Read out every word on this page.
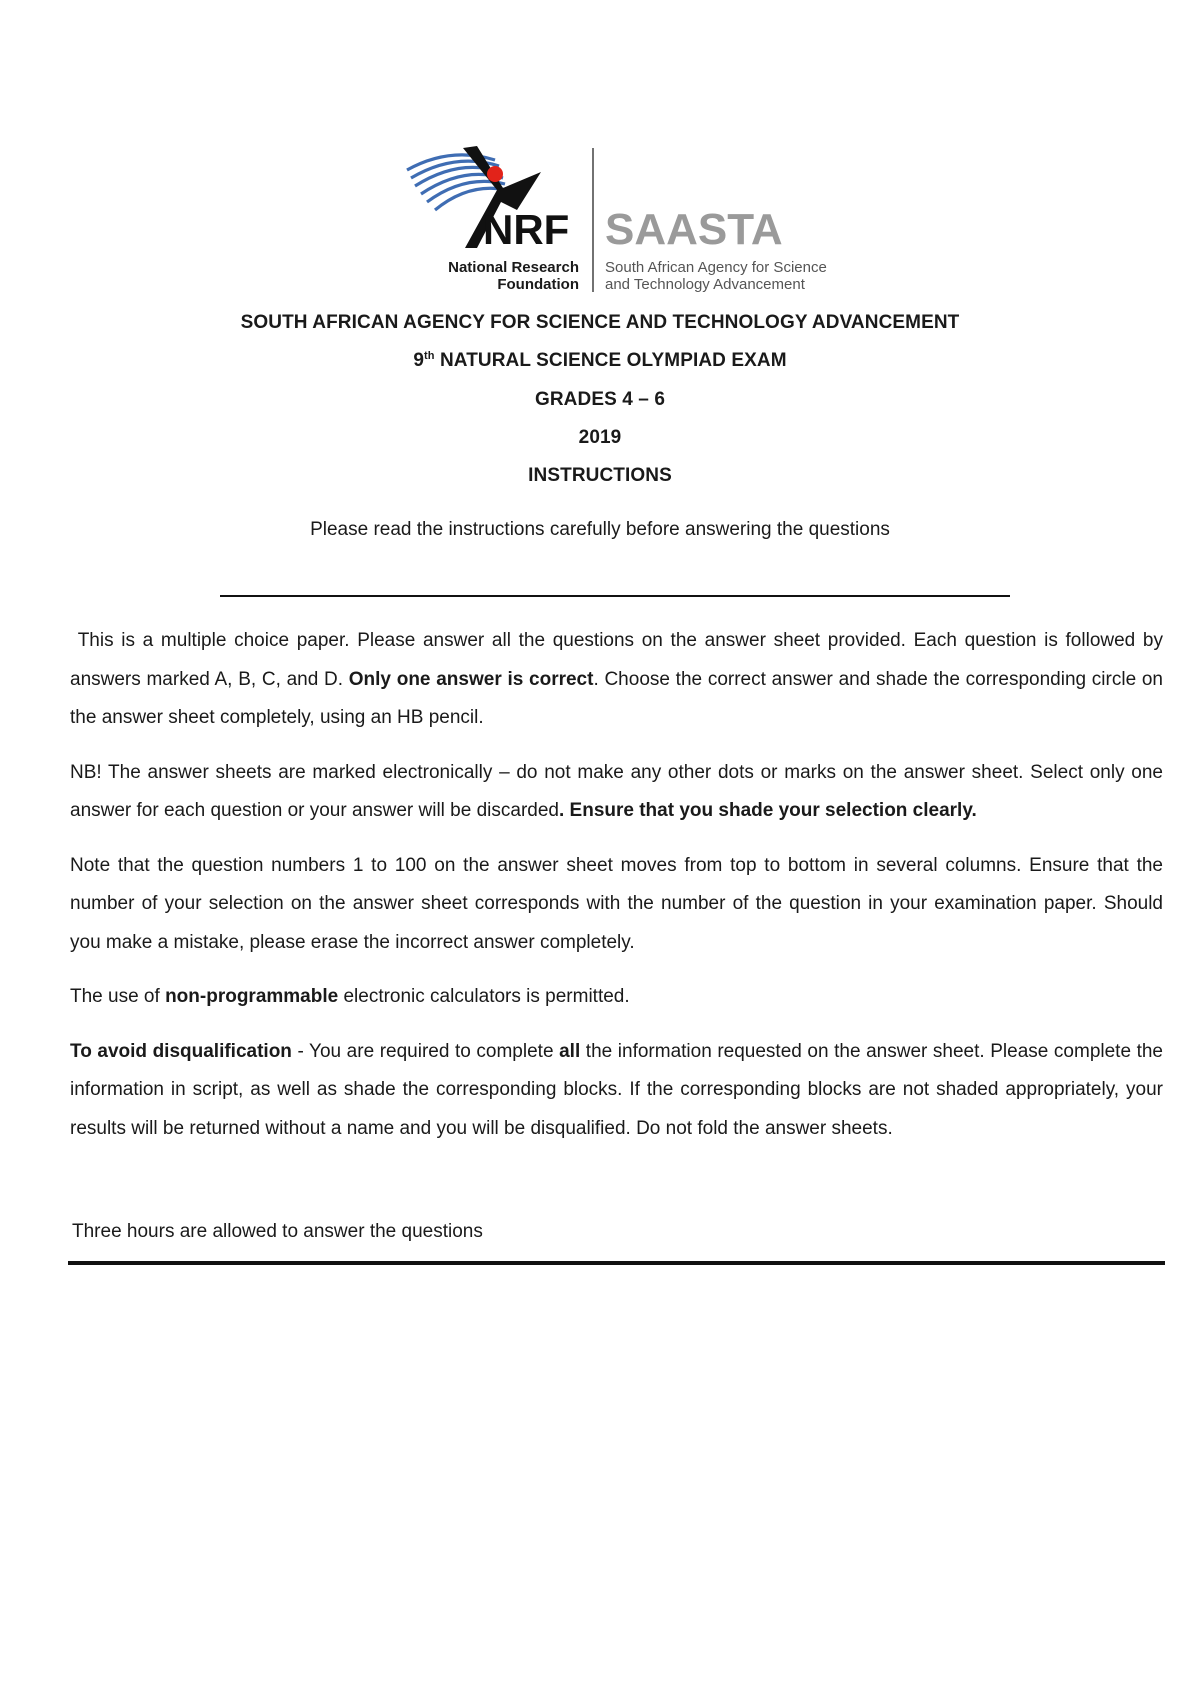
NRF
National Research
Foundation
SAASTA
South African Agency for Science
and Technology Advancement
SOUTH AFRICAN AGENCY FOR SCIENCE AND TECHNOLOGY ADVANCEMENT
9th NATURAL SCIENCE OLYMPIAD EXAM
GRADES 4 – 6
2019
INSTRUCTIONS
Please read the instructions carefully before answering the questions

This is a multiple choice paper. Please answer all the questions on the answer sheet provided. Each question is followed by answers marked A, B, C, and D. Only one answer is correct. Choose the correct answer and shade the corresponding circle on the answer sheet completely, using an HB pencil.

NB! The answer sheets are marked electronically – do not make any other dots or marks on the answer sheet. Select only one answer for each question or your answer will be discarded. Ensure that you shade your selection clearly.

Note that the question numbers 1 to 100 on the answer sheet moves from top to bottom in several columns. Ensure that the number of your selection on the answer sheet corresponds with the number of the question in your examination paper. Should you make a mistake, please erase the incorrect answer completely.

The use of non-programmable electronic calculators is permitted.

To avoid disqualification - You are required to complete all the information requested on the answer sheet. Please complete the information in script, as well as shade the corresponding blocks. If the corresponding blocks are not shaded appropriately, your results will be returned without a name and you will be disqualified. Do not fold the answer sheets.

Three hours are allowed to answer the questions
